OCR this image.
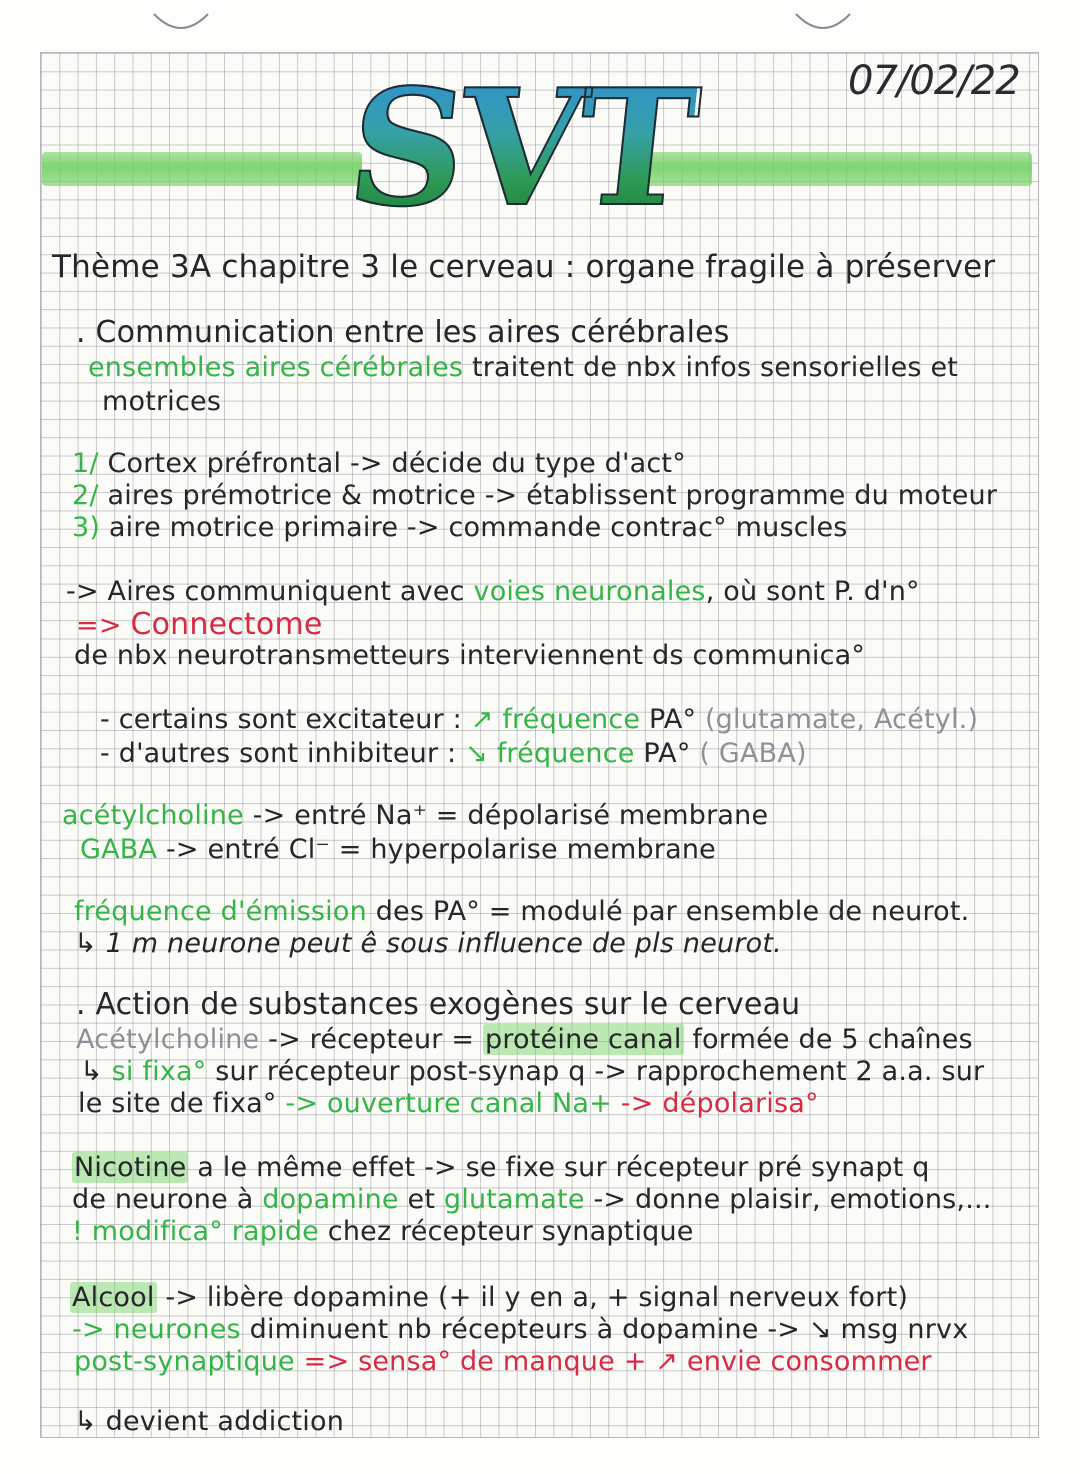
SVT	07/02/22
Thème 3A chapitre 3 le cerveau : organe fragile à préserver
. Communication entre les aires cérébrales
ensembles aires cérébrales traitent de nbx infos sensorielles et
motrices
1/ Cortex préfrontal -> décide du type d'act°
2/ aires prémotrice & motrice -> établissent programme du moteur
3) aire motrice primaire -> commande contrac° muscles
-> Aires communiquent avec voies neuronales, où sont P. d'n°
=> Connectome
de nbx neurotransmetteurs interviennent ds communica°
- certains sont excitateur : ↗ fréquence PA° (glutamate, Acétyl.)
- d'autres sont inhibiteur : ↘ fréquence PA° ( GABA)
acétylcholine -> entré Na⁺ = dépolarisé membrane
GABA -> entré Cl⁻ = hyperpolarise membrane
fréquence d'émission des PA° = modulé par ensemble de neurot.
↳ 1 m neurone peut ê sous influence de pls neurot.
. Action de substances exogènes sur le cerveau
Acétylcholine -> récepteur = protéine canal formée de 5 chaînes
↳ si fixa° sur récepteur post-synap q -> rapprochement 2 a.a. sur
le site de fixa° -> ouverture canal Na+ -> dépolarisa°
Nicotine a le même effet -> se fixe sur récepteur pré synapt q
de neurone à dopamine et glutamate -> donne plaisir, emotions,...
! modifica° rapide chez récepteur synaptique
Alcool -> libère dopamine (+ il y en a, + signal nerveux fort)
-> neurones diminuent nb récepteurs à dopamine -> ↘ msg nrvx
post-synaptique => sensa° de manque + ↗ envie consommer
↳ devient addiction
